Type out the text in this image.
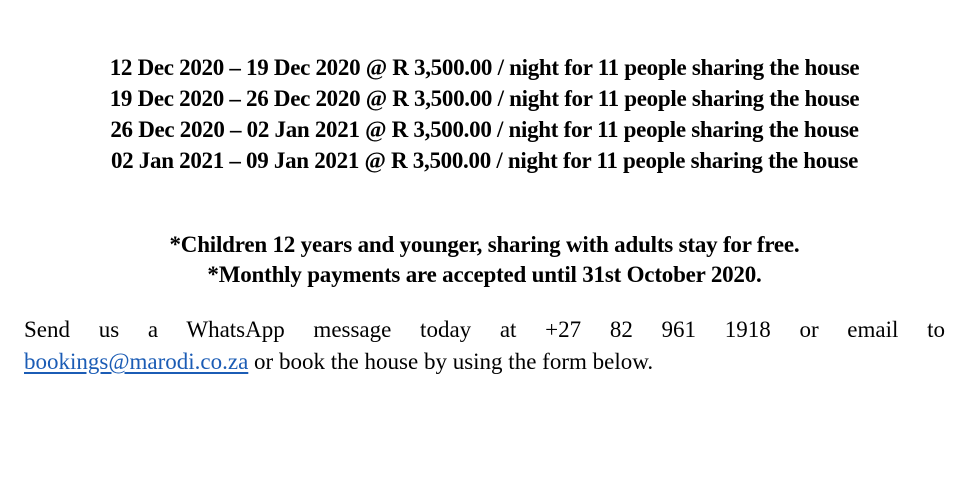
12 Dec 2020 – 19 Dec 2020 @ R 3,500.00 / night for 11 people sharing the house
19 Dec 2020 – 26 Dec 2020 @ R 3,500.00 / night for 11 people sharing the house
26 Dec 2020 – 02 Jan 2021 @ R 3,500.00 / night for 11 people sharing the house
02 Jan 2021 – 09 Jan 2021 @ R 3,500.00 / night for 11 people sharing the house
*Children 12 years and younger, sharing with adults stay for free.
*Monthly payments are accepted until 31st October 2020.
Send us a WhatsApp message today at +27 82 961 1918 or email to
bookings@marodi.co.za or book the house by using the form below.
